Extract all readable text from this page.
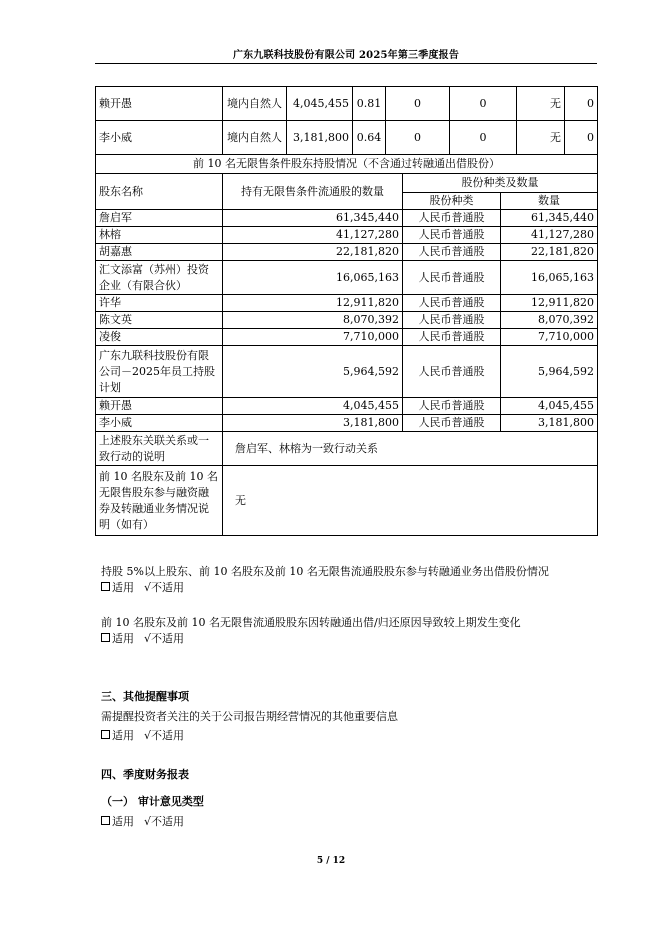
广东九联科技股份有限公司 2025年第三季度报告
赖开愚	境内自然人	4,045,455	0.81	0	0	无	0
李小威	境内自然人	3,181,800	0.64	0	0	无	0
前 10 名无限售条件股东持股情况（不含通过转融通出借股份）			
股东名称	持有无限售条件流通股的数量	股份种类及数量	
		股份种类	数量
詹启军	61,345,440	人民币普通股	61,345,440
林榕	41,127,280	人民币普通股	41,127,280
胡嘉惠	22,181,820	人民币普通股	22,181,820
汇文添富（苏州）投资企业（有限合伙）	16,065,163	人民币普通股	16,065,163
许华	12,911,820	人民币普通股	12,911,820
陈文英	8,070,392	人民币普通股	8,070,392
凌俊	7,710,000	人民币普通股	7,710,000
广东九联科技股份有限公司－2025年员工持股计划	5,964,592	人民币普通股	5,964,592
赖开愚	4,045,455	人民币普通股	4,045,455
李小威	3,181,800	人民币普通股	3,181,800
上述股东关联关系或一致行动的说明	詹启军、林榕为一致行动关系		
前 10 名股东及前 10 名无限售股东参与融资融券及转融通业务情况说明（如有）	无		
持股 5%以上股东、前 10 名股东及前 10 名无限售流通股股东参与转融通业务出借股份情况
适用 √不适用
前 10 名股东及前 10 名无限售流通股股东因转融通出借/归还原因导致较上期发生变化
适用 √不适用
三、其他提醒事项
需提醒投资者关注的关于公司报告期经营情况的其他重要信息
适用 √不适用
四、季度财务报表
（一） 审计意见类型
适用 √不适用
5 / 12
